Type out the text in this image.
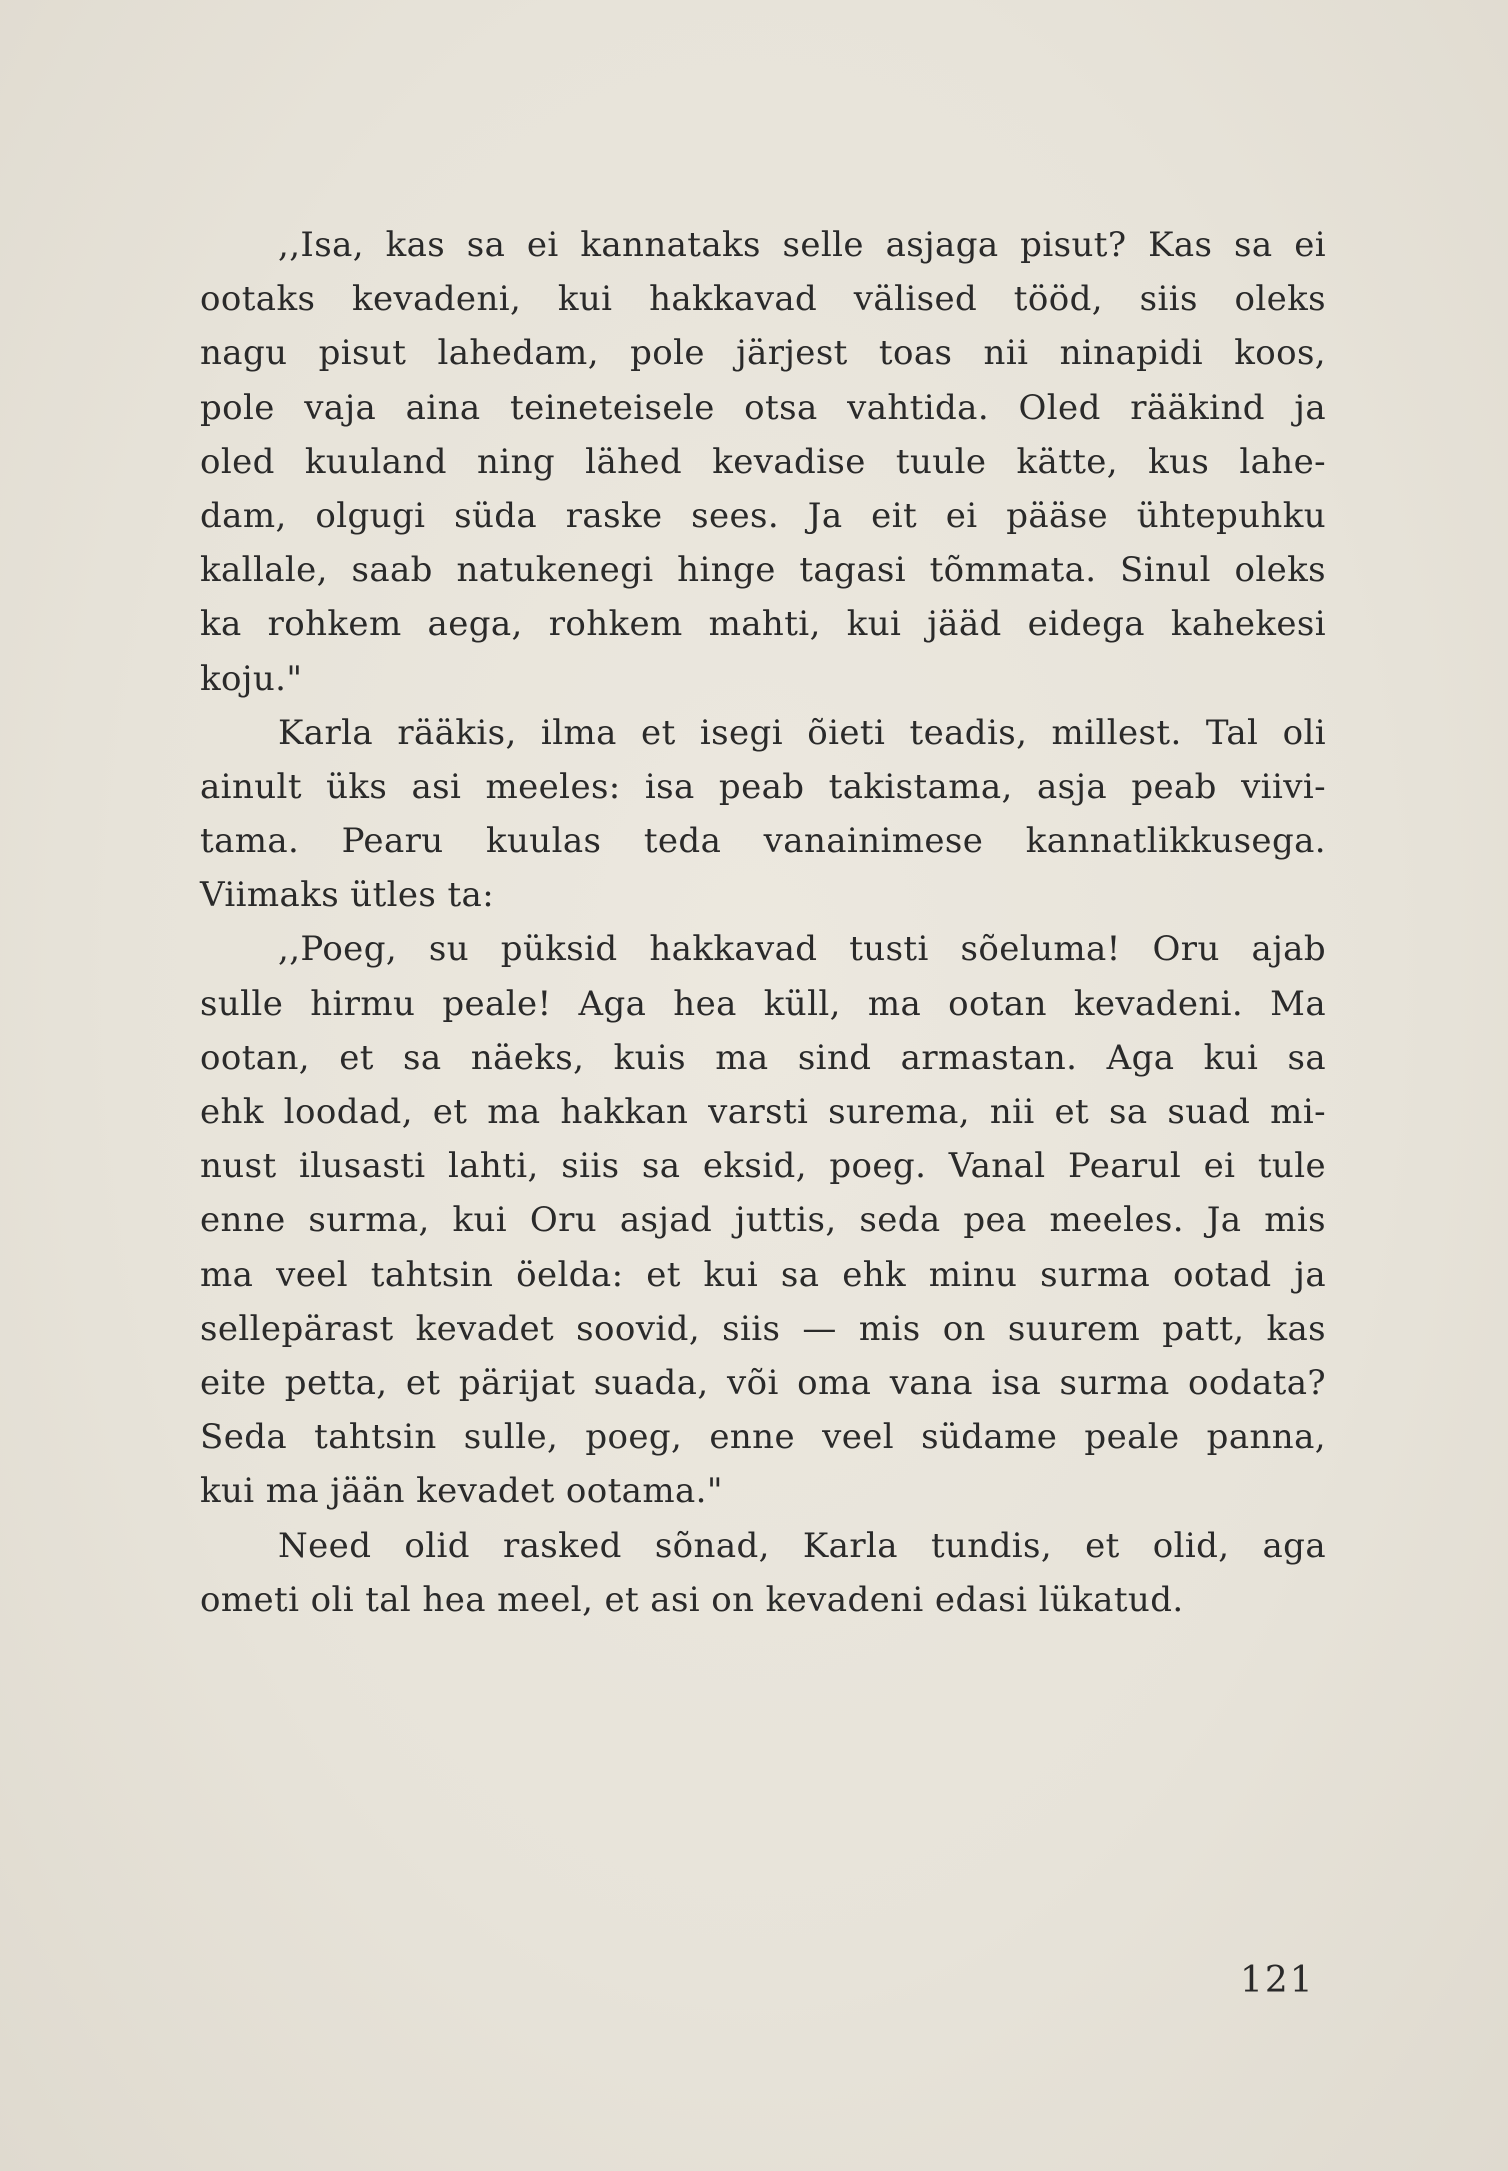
,,Isa, kas sa ei kannataks selle asjaga pisut? Kas sa ei
ootaks kevadeni, kui hakkavad välised tööd, siis oleks
nagu pisut lahedam, pole järjest toas nii ninapidi koos,
pole vaja aina teineteisele otsa vahtida. Oled rääkind ja
oled kuuland ning lähed kevadise tuule kätte, kus lahe-
dam, olgugi süda raske sees. Ja eit ei pääse ühtepuhku
kallale, saab natukenegi hinge tagasi tõmmata. Sinul oleks
ka rohkem aega, rohkem mahti, kui jääd eidega kahekesi
koju."
Karla rääkis, ilma et isegi õieti teadis, millest. Tal oli
ainult üks asi meeles: isa peab takistama, asja peab viivi-
tama. Pearu kuulas teda vanainimese kannatlikkusega.
Viimaks ütles ta:
,,Poeg, su püksid hakkavad tusti sõeluma! Oru ajab
sulle hirmu peale! Aga hea küll, ma ootan kevadeni. Ma
ootan, et sa näeks, kuis ma sind armastan. Aga kui sa
ehk loodad, et ma hakkan varsti surema, nii et sa suad mi-
nust ilusasti lahti, siis sa eksid, poeg. Vanal Pearul ei tule
enne surma, kui Oru asjad juttis, seda pea meeles. Ja mis
ma veel tahtsin öelda: et kui sa ehk minu surma ootad ja
sellepärast kevadet soovid, siis — mis on suurem patt, kas
eite petta, et pärijat suada, või oma vana isa surma oodata?
Seda tahtsin sulle, poeg, enne veel südame peale panna,
kui ma jään kevadet ootama."
Need olid rasked sõnad, Karla tundis, et olid, aga
ometi oli tal hea meel, et asi on kevadeni edasi lükatud.
121
